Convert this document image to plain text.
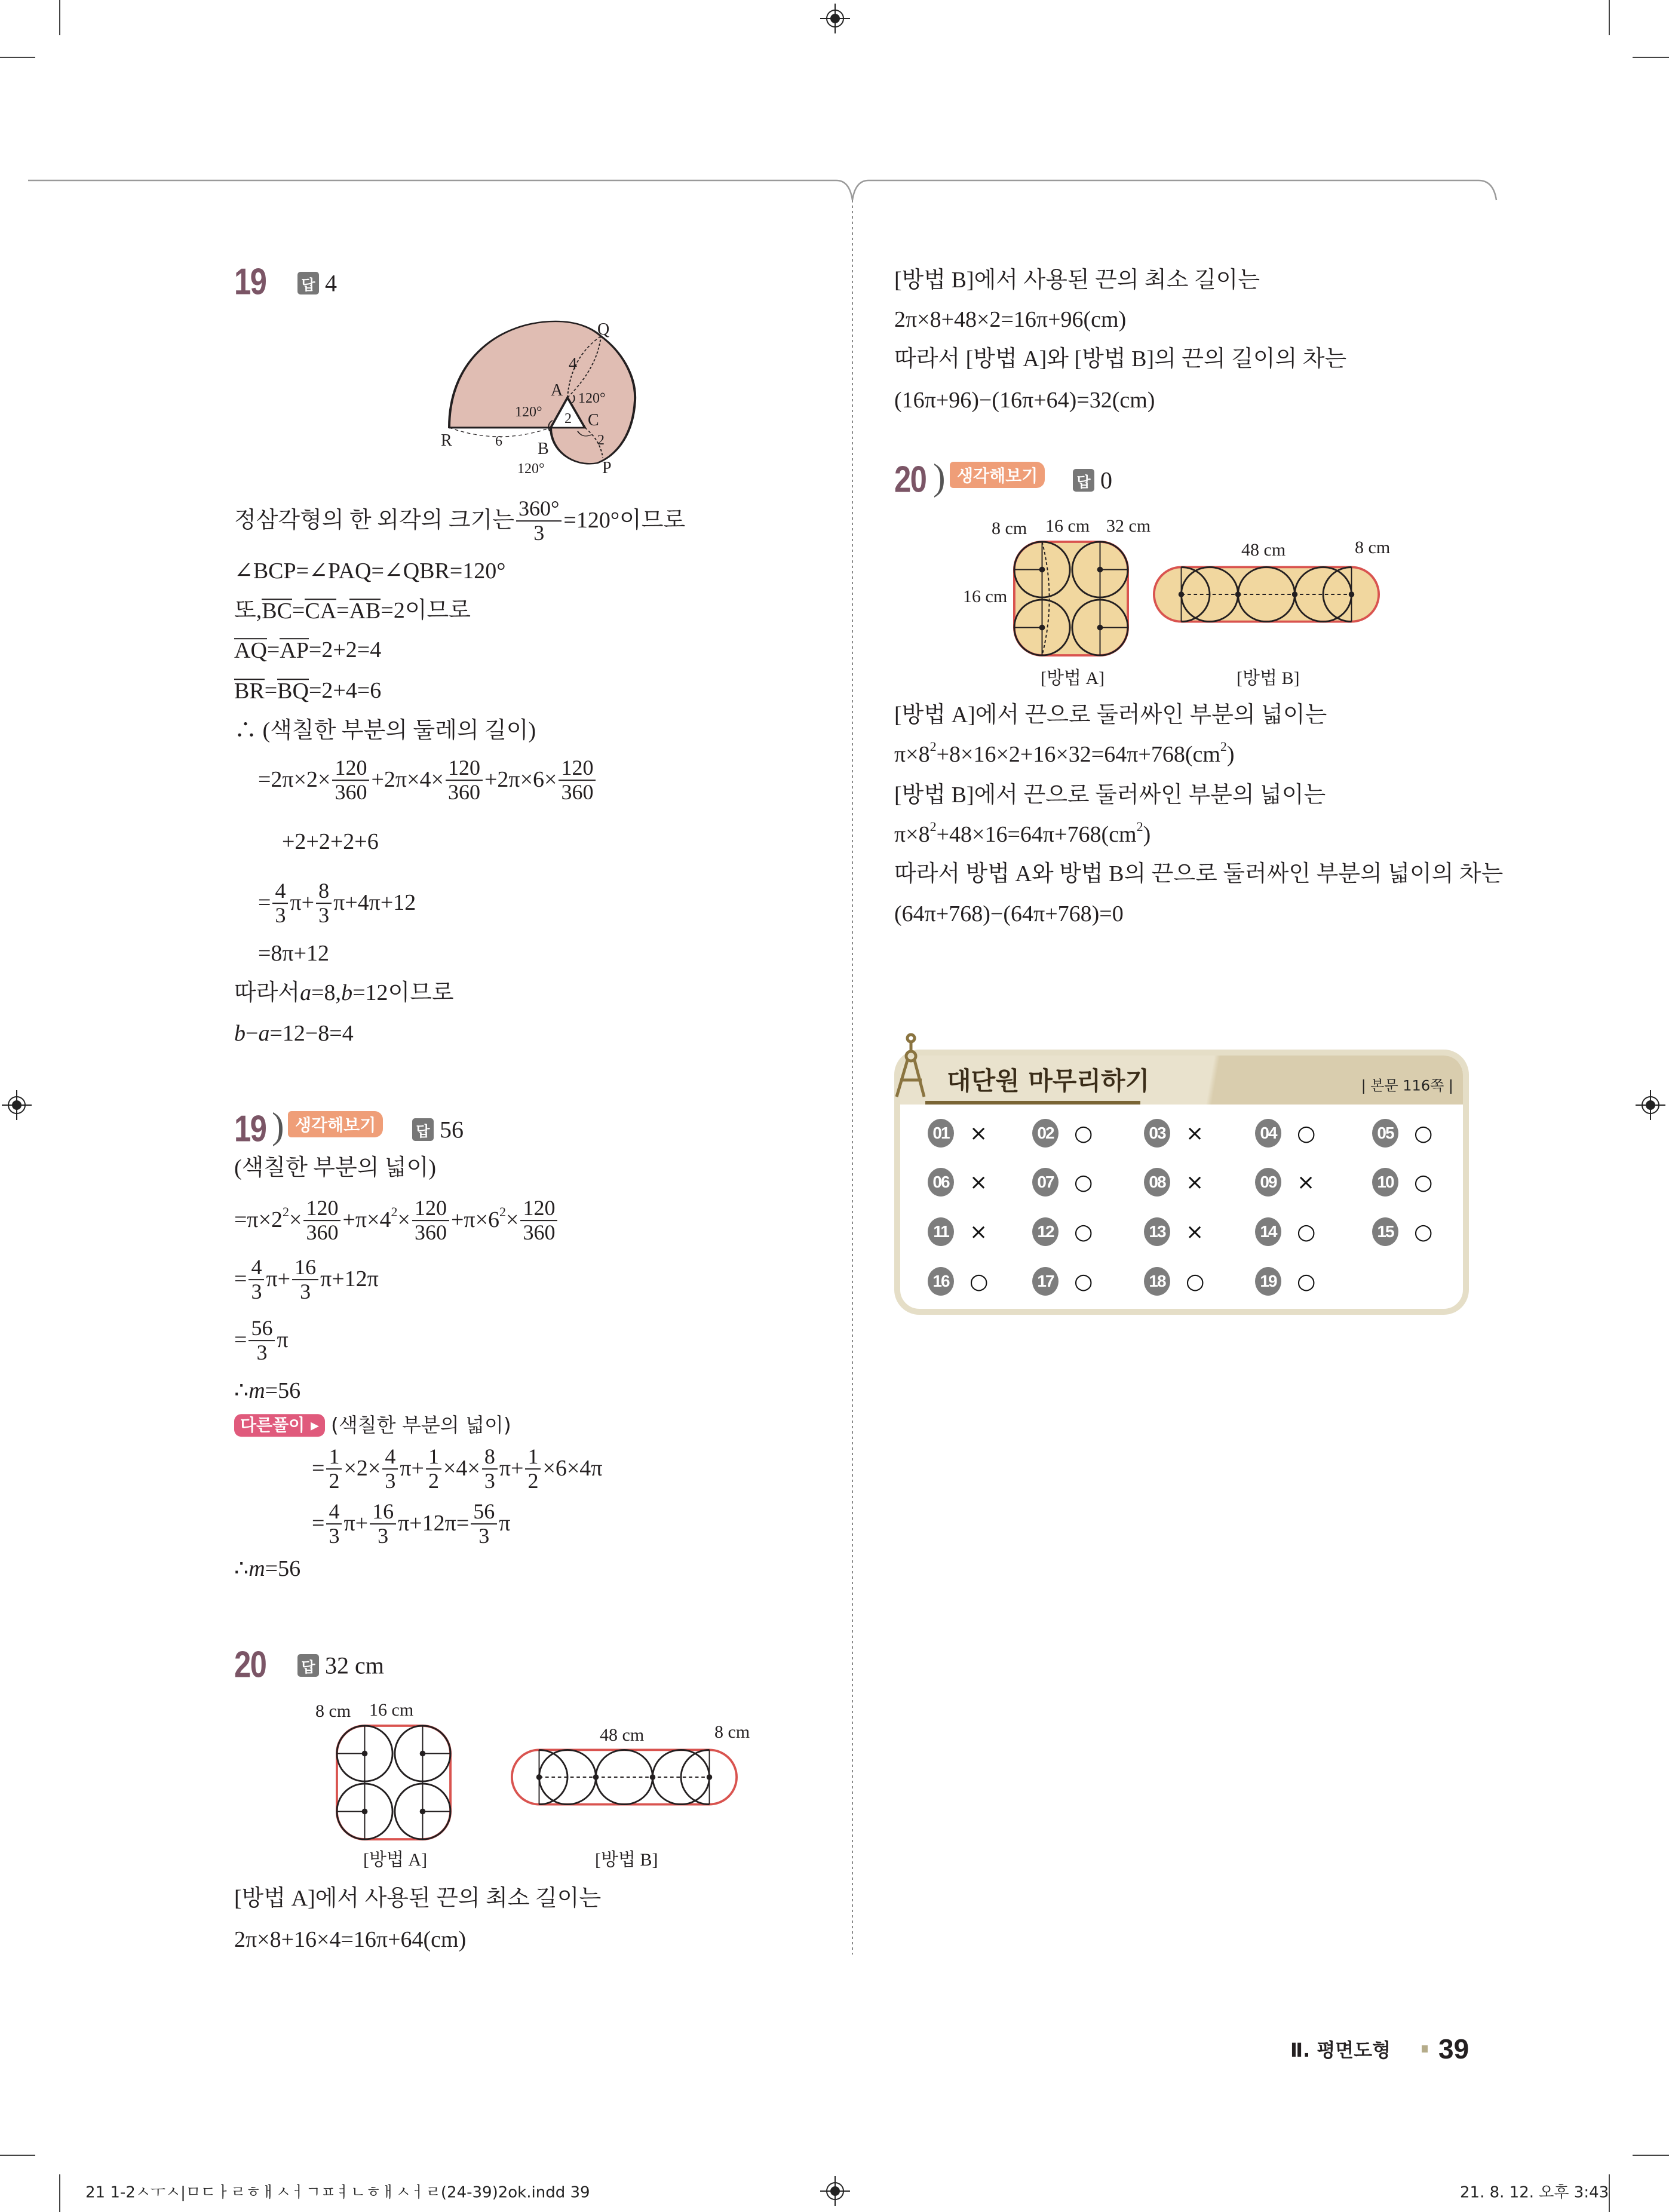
19 답 4
Q
4
A 120°
120° 2 C
R	6 B	2
120°	P
정삼각형의 한 외각의 크기는 $\frac{360^\circ}{3} =120^\circ$이므로
∠BCP=∠PAQ=∠QBR=120°
또, BC = CA = AB =2이므로
AQ = AP =2+2=4
BR = BQ =2+4=6
∴ (색칠한 부분의 둘레의 길이)
$=2\pi\times 2\times \frac{120}{360} +2\pi\times 4\times \frac{120}{360} +2\pi\times 6\times \frac{120}{360}$
+2+2+2+6
= $\frac{4}{3} \pi+ \frac{8}{3} \pi+4\pi+12$
=8π+12
따라서 a =8, b =12이므로
b − a =12−8=4
19 ) 생각해보기	답 56
(색칠한 부분의 넓이)
=π×2 $2 \times \frac{120}{360} +\pi\times 4$ $2 \times \frac{120}{360} +\pi\times 6$ $2 \times \frac{120}{360}$
= $\frac{4}{3} \pi+ \frac{16}{3} \pi+12\pi$
= $\frac{56}{3}$ π
∴ m =56
다른풀이 ▸ (색칠한 부분의 넓이)
= $\frac{1}{2} \times 2\times \frac{4}{3} \pi+ \frac{1}{2} \times 4\times \frac{8}{3} \pi+ \frac{1}{2} \times 6\times 4\pi$
= $\frac{4}{3} \pi+ \frac{16}{3} \pi+12\pi= \frac{56}{3}$ π
∴ m =56
20 답 32 cm
8 cm 16 cm
48 cm	8 cm
[방법 A]	[방법 B]
[방법 A]에서 사용된 끈의 최소 길이는
2π×8+16×4=16π+64(cm)
[방법 B]에서 사용된 끈의 최소 길이는
2π×8+48×2=16π+96(cm)
따라서 [방법 A]와 [방법 B]의 끈의 길이의 차는
(16π+96)−(16π+64)=32(cm)
20 ) 생각해보기	답 0
8 cm 16 cm 32 cm
16 cm
48 cm	8 cm
[방법 A]	[방법 B]
[방법 A]에서 끈으로 둘러싸인 부분의 넓이는
π×8 2 +8×16×2+16×32=64π+768(cm 2 )
[방법 B]에서 끈으로 둘러싸인 부분의 넓이는
π×8 2 +48×16=64π+768(cm 2 )
따라서 방법 A와 방법 B의 끈으로 둘러싸인 부분의 넓이의 차는
(64π+768)−(64π+768)=0
대단원 마무리하기	| 본문 116쪽 |
01 ×	02 ○	03 ×	04 ○	05 ○
06 ×	07 ○	08 ×	09 ×	10 ○
11 ×	12 ○	13 ×	14 ○	15 ○
16 ○	17 ○	18 ○	19 ○
Ⅱ. 평면도형 39
21 1-2ㅅㅜㅅ|ㅁㄷㅏㄹㅎㅐㅅㅓㄱㅍㅕㄴㅎㅐㅅㅓㄹ(24-39)2ok.indd 39	21. 8. 12. 오후 3:43
